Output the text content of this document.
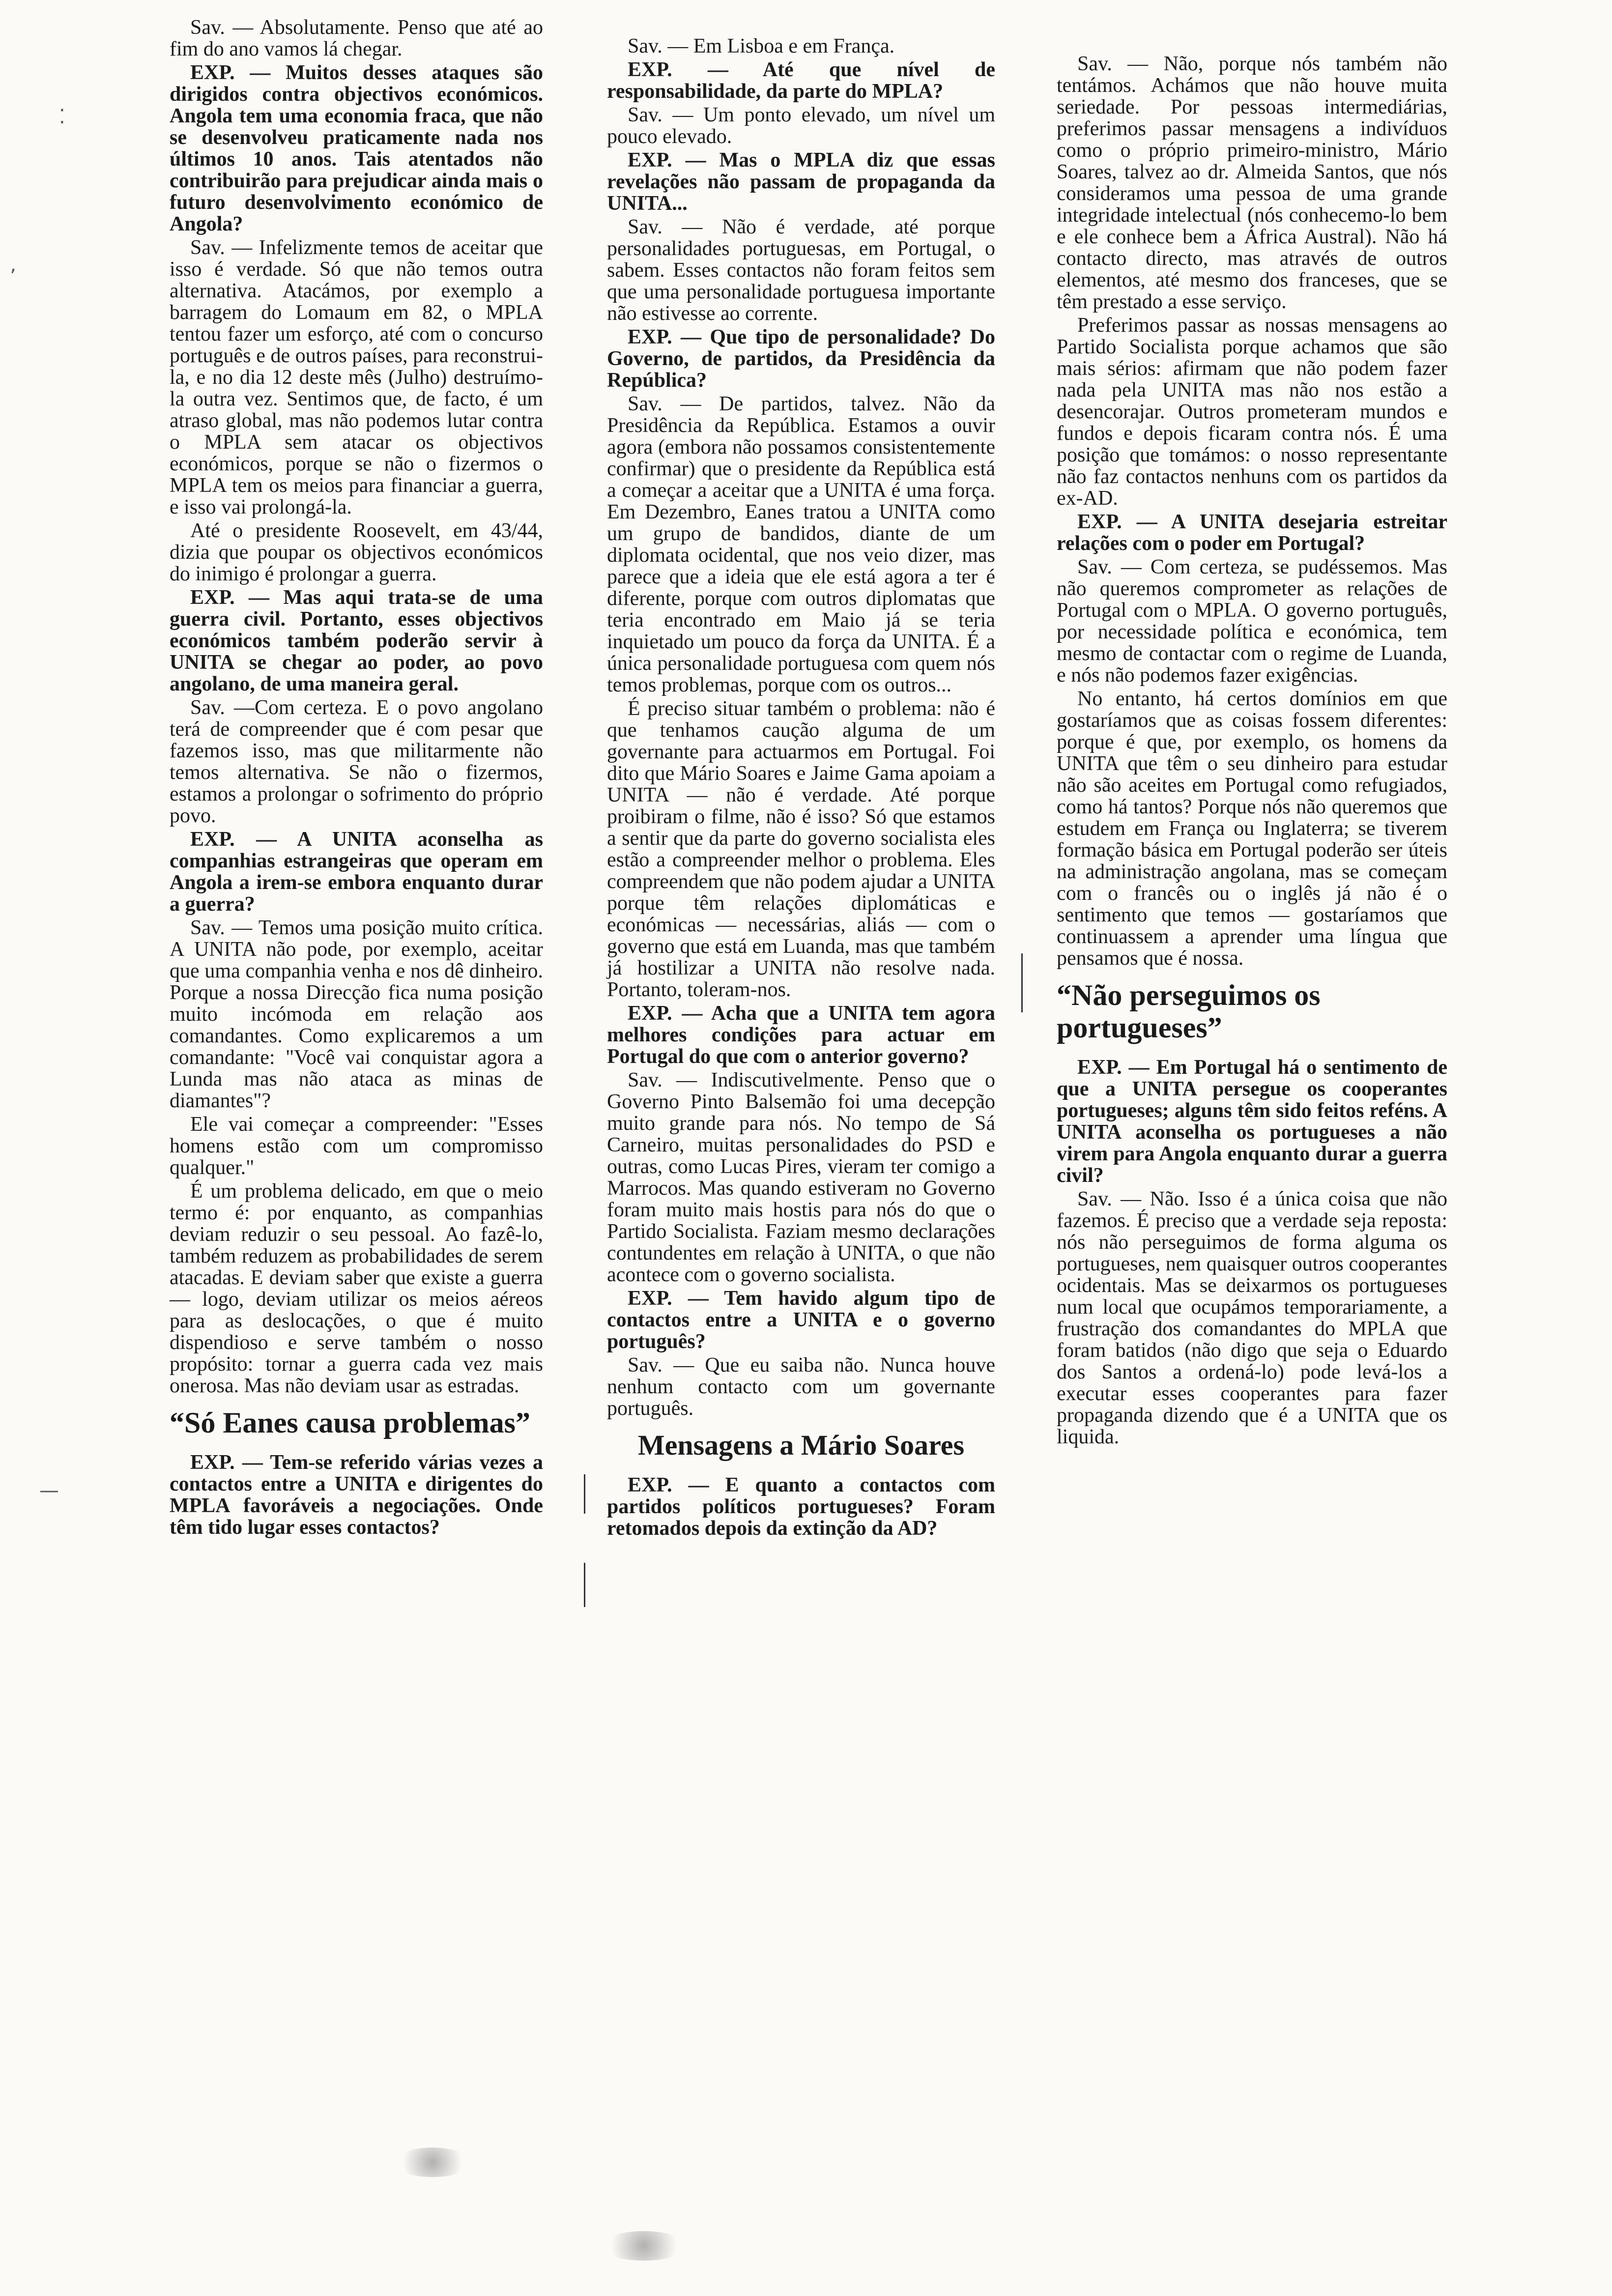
Sav. — Absolutamente. Penso que até ao fim do ano vamos lá chegar.

EXP. — Muitos desses ataques são dirigidos contra objectivos económicos. Angola tem uma economia fraca, que não se desenvolveu praticamente nada nos últimos 10 anos. Tais atentados não contribuirão para prejudicar ainda mais o futuro desenvolvimento económico de Angola?

Sav. — Infelizmente temos de aceitar que isso é verdade. Só que não temos outra alternativa. Atacámos, por exemplo a barragem do Lomaum em 82, o MPLA tentou fazer um esforço, até com o concurso português e de outros países, para reconstrui-la, e no dia 12 deste mês (Julho) destruímo-la outra vez. Sentimos que, de facto, é um atraso global, mas não podemos lutar contra o MPLA sem atacar os objectivos económicos, porque se não o fizermos o MPLA tem os meios para financiar a guerra, e isso vai prolongá-la.

Até o presidente Roosevelt, em 43/44, dizia que poupar os objectivos económicos do inimigo é prolongar a guerra.

EXP. — Mas aqui trata-se de uma guerra civil. Portanto, esses objectivos económicos também poderão servir à UNITA se chegar ao poder, ao povo angolano, de uma maneira geral.

Sav. —Com certeza. E o povo angolano terá de compreender que é com pesar que fazemos isso, mas que militarmente não temos alternativa. Se não o fizermos, estamos a prolongar o sofrimento do próprio povo.

EXP. — A UNITA aconselha as companhias estrangeiras que operam em Angola a irem-se embora enquanto durar a guerra?

Sav. — Temos uma posição muito crítica. A UNITA não pode, por exemplo, aceitar que uma companhia venha e nos dê dinheiro. Porque a nossa Direcção fica numa posição muito incómoda em relação aos comandantes. Como explicaremos a um comandante: "Você vai conquistar agora a Lunda mas não ataca as minas de diamantes"?

Ele vai começar a compreender: "Esses homens estão com um compromisso qualquer."

É um problema delicado, em que o meio termo é: por enquanto, as companhias deviam reduzir o seu pessoal. Ao fazê-lo, também reduzem as probabilidades de serem atacadas. E deviam saber que existe a guerra — logo, deviam utilizar os meios aéreos para as deslocações, o que é muito dispendioso e serve também o nosso propósito: tornar a guerra cada vez mais onerosa. Mas não deviam usar as estradas.

“Só Eanes causa problemas”

EXP. — Tem-se referido várias vezes a contactos entre a UNITA e dirigentes do MPLA favoráveis a negociações. Onde têm tido lugar esses contactos?

Sav. — Em Lisboa e em França.

EXP. — Até que nível de responsabilidade, da parte do MPLA?

Sav. — Um ponto elevado, um nível um pouco elevado.

EXP. — Mas o MPLA diz que essas revelações não passam de propaganda da UNITA...

Sav. — Não é verdade, até porque personalidades portuguesas, em Portugal, o sabem. Esses contactos não foram feitos sem que uma personalidade portuguesa importante não estivesse ao corrente.

EXP. — Que tipo de personalidade? Do Governo, de partidos, da Presidência da República?

Sav. — De partidos, talvez. Não da Presidência da República. Estamos a ouvir agora (embora não possamos consistentemente confirmar) que o presidente da República está a começar a aceitar que a UNITA é uma força. Em Dezembro, Eanes tratou a UNITA como um grupo de bandidos, diante de um diplomata ocidental, que nos veio dizer, mas parece que a ideia que ele está agora a ter é diferente, porque com outros diplomatas que teria encontrado em Maio já se teria inquietado um pouco da força da UNITA. É a única personalidade portuguesa com quem nós temos problemas, porque com os outros...

É preciso situar também o problema: não é que tenhamos caução alguma de um governante para actuarmos em Portugal. Foi dito que Mário Soares e Jaime Gama apoiam a UNITA — não é verdade. Até porque proibiram o filme, não é isso? Só que estamos a sentir que da parte do governo socialista eles estão a compreender melhor o problema. Eles compreendem que não podem ajudar a UNITA porque têm relações diplomáticas e económicas — necessárias, aliás — com o governo que está em Luanda, mas que também já hostilizar a UNITA não resolve nada. Portanto, toleram-nos.

EXP. — Acha que a UNITA tem agora melhores condições para actuar em Portugal do que com o anterior governo?

Sav. — Indiscutivelmente. Penso que o Governo Pinto Balsemão foi uma decepção muito grande para nós. No tempo de Sá Carneiro, muitas personalidades do PSD e outras, como Lucas Pires, vieram ter comigo a Marrocos. Mas quando estiveram no Governo foram muito mais hostis para nós do que o Partido Socialista. Faziam mesmo declarações contundentes em relação à UNITA, o que não acontece com o governo socialista.

EXP. — Tem havido algum tipo de contactos entre a UNITA e o governo português?

Sav. — Que eu saiba não. Nunca houve nenhum contacto com um governante português.

Mensagens a Mário Soares

EXP. — E quanto a contactos com partidos políticos portugueses? Foram retomados depois da extinção da AD?

Sav. — Não, porque nós também não tentámos. Achámos que não houve muita seriedade. Por pessoas intermediárias, preferimos passar mensagens a indivíduos como o próprio primeiro-ministro, Mário Soares, talvez ao dr. Almeida Santos, que nós consideramos uma pessoa de uma grande integridade intelectual (nós conhecemo-lo bem e ele conhece bem a África Austral). Não há contacto directo, mas através de outros elementos, até mesmo dos franceses, que se têm prestado a esse serviço.

Preferimos passar as nossas mensagens ao Partido Socialista porque achamos que são mais sérios: afirmam que não podem fazer nada pela UNITA mas não nos estão a desencorajar. Outros prometeram mundos e fundos e depois ficaram contra nós. É uma posição que tomámos: o nosso representante não faz contactos nenhuns com os partidos da ex-AD.

EXP. — A UNITA desejaria estreitar relações com o poder em Portugal?

Sav. — Com certeza, se pudéssemos. Mas não queremos comprometer as relações de Portugal com o MPLA. O governo português, por necessidade política e económica, tem mesmo de contactar com o regime de Luanda, e nós não podemos fazer exigências.

No entanto, há certos domínios em que gostaríamos que as coisas fossem diferentes: porque é que, por exemplo, os homens da UNITA que têm o seu dinheiro para estudar não são aceites em Portugal como refugiados, como há tantos? Porque nós não queremos que estudem em França ou Inglaterra; se tiverem formação básica em Portugal poderão ser úteis na administração angolana, mas se começam com o francês ou o inglês já não é o sentimento que temos — gostaríamos que continuassem a aprender uma língua que pensamos que é nossa.

“Não perseguimos os portugueses”

EXP. — Em Portugal há o sentimento de que a UNITA persegue os cooperantes portugueses; alguns têm sido feitos reféns. A UNITA aconselha os portugueses a não virem para Angola enquanto durar a guerra civil?

Sav. — Não. Isso é a única coisa que não fazemos. É preciso que a verdade seja reposta: nós não perseguimos de forma alguma os portugueses, nem quaisquer outros cooperantes ocidentais. Mas se deixarmos os portugueses num local que ocupámos temporariamente, a frustração dos comandantes do MPLA que foram batidos (não digo que seja o Eduardo dos Santos a ordená-lo) pode levá-los a executar esses cooperantes para fazer propaganda dizendo que é a UNITA que os liquida.

⁚
ʼ
—
